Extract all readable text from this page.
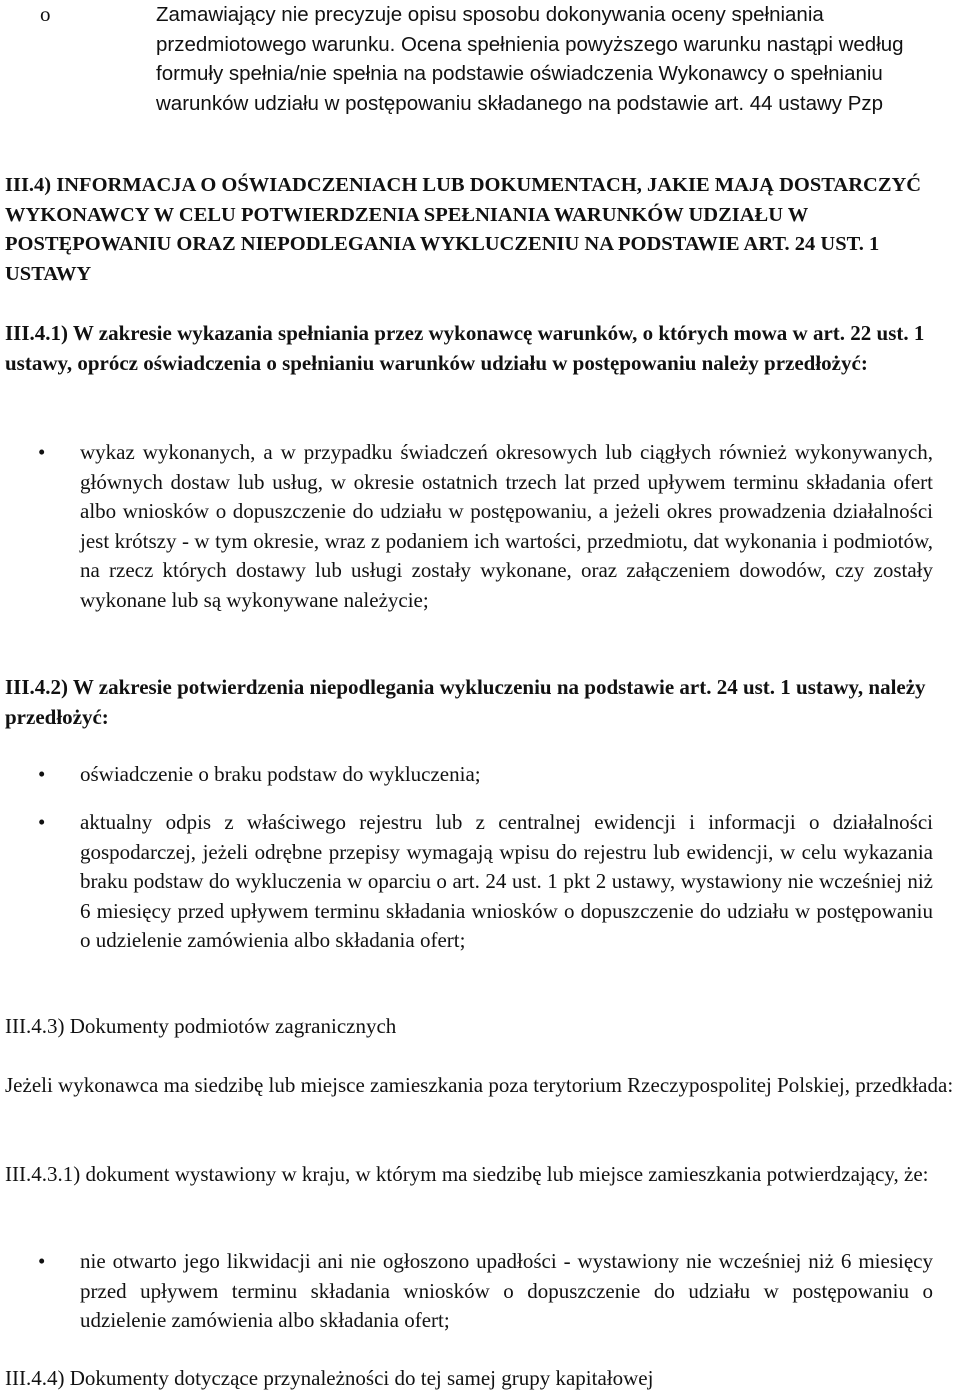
o	Zamawiający nie precyzuje opisu sposobu dokonywania oceny spełniania przedmiotowego warunku. Ocena spełnienia powyższego warunku nastąpi według formuły spełnia/nie spełnia na podstawie oświadczenia Wykonawcy o spełnianiu warunków udziału w postępowaniu składanego na podstawie art. 44 ustawy Pzp
III.4) INFORMACJA O OŚWIADCZENIACH LUB DOKUMENTACH, JAKIE MAJĄ DOSTARCZYĆ WYKONAWCY W CELU POTWIERDZENIA SPEŁNIANIA WARUNKÓW UDZIAŁU W POSTĘPOWANIU ORAZ NIEPODLEGANIA WYKLUCZENIU NA PODSTAWIE ART. 24 UST. 1 USTAWY
III.4.1) W zakresie wykazania spełniania przez wykonawcę warunków, o których mowa w art. 22 ust. 1 ustawy, oprócz oświadczenia o spełnianiu warunków udziału w postępowaniu należy przedłożyć:
• wykaz wykonanych, a w przypadku świadczeń okresowych lub ciągłych również wykonywanych, głównych dostaw lub usług, w okresie ostatnich trzech lat przed upływem terminu składania ofert albo wniosków o dopuszczenie do udziału w postępowaniu, a jeżeli okres prowadzenia działalności jest krótszy - w tym okresie, wraz z podaniem ich wartości, przedmiotu, dat wykonania i podmiotów, na rzecz których dostawy lub usługi zostały wykonane, oraz załączeniem dowodów, czy zostały wykonane lub są wykonywane należycie;
III.4.2) W zakresie potwierdzenia niepodlegania wykluczeniu na podstawie art. 24 ust. 1 ustawy, należy przedłożyć:
• oświadczenie o braku podstaw do wykluczenia;
• aktualny odpis z właściwego rejestru lub z centralnej ewidencji i informacji o działalności gospodarczej, jeżeli odrębne przepisy wymagają wpisu do rejestru lub ewidencji, w celu wykazania braku podstaw do wykluczenia w oparciu o art. 24 ust. 1 pkt 2 ustawy, wystawiony nie wcześniej niż 6 miesięcy przed upływem terminu składania wniosków o dopuszczenie do udziału w postępowaniu o udzielenie zamówienia albo składania ofert;
III.4.3) Dokumenty podmiotów zagranicznych
Jeżeli wykonawca ma siedzibę lub miejsce zamieszkania poza terytorium Rzeczypospolitej Polskiej, przedkłada:
III.4.3.1) dokument wystawiony w kraju, w którym ma siedzibę lub miejsce zamieszkania potwierdzający, że:
• nie otwarto jego likwidacji ani nie ogłoszono upadłości - wystawiony nie wcześniej niż 6 miesięcy przed upływem terminu składania wniosków o dopuszczenie do udziału w postępowaniu o udzielenie zamówienia albo składania ofert;
III.4.4) Dokumenty dotyczące przynależności do tej samej grupy kapitałowej
